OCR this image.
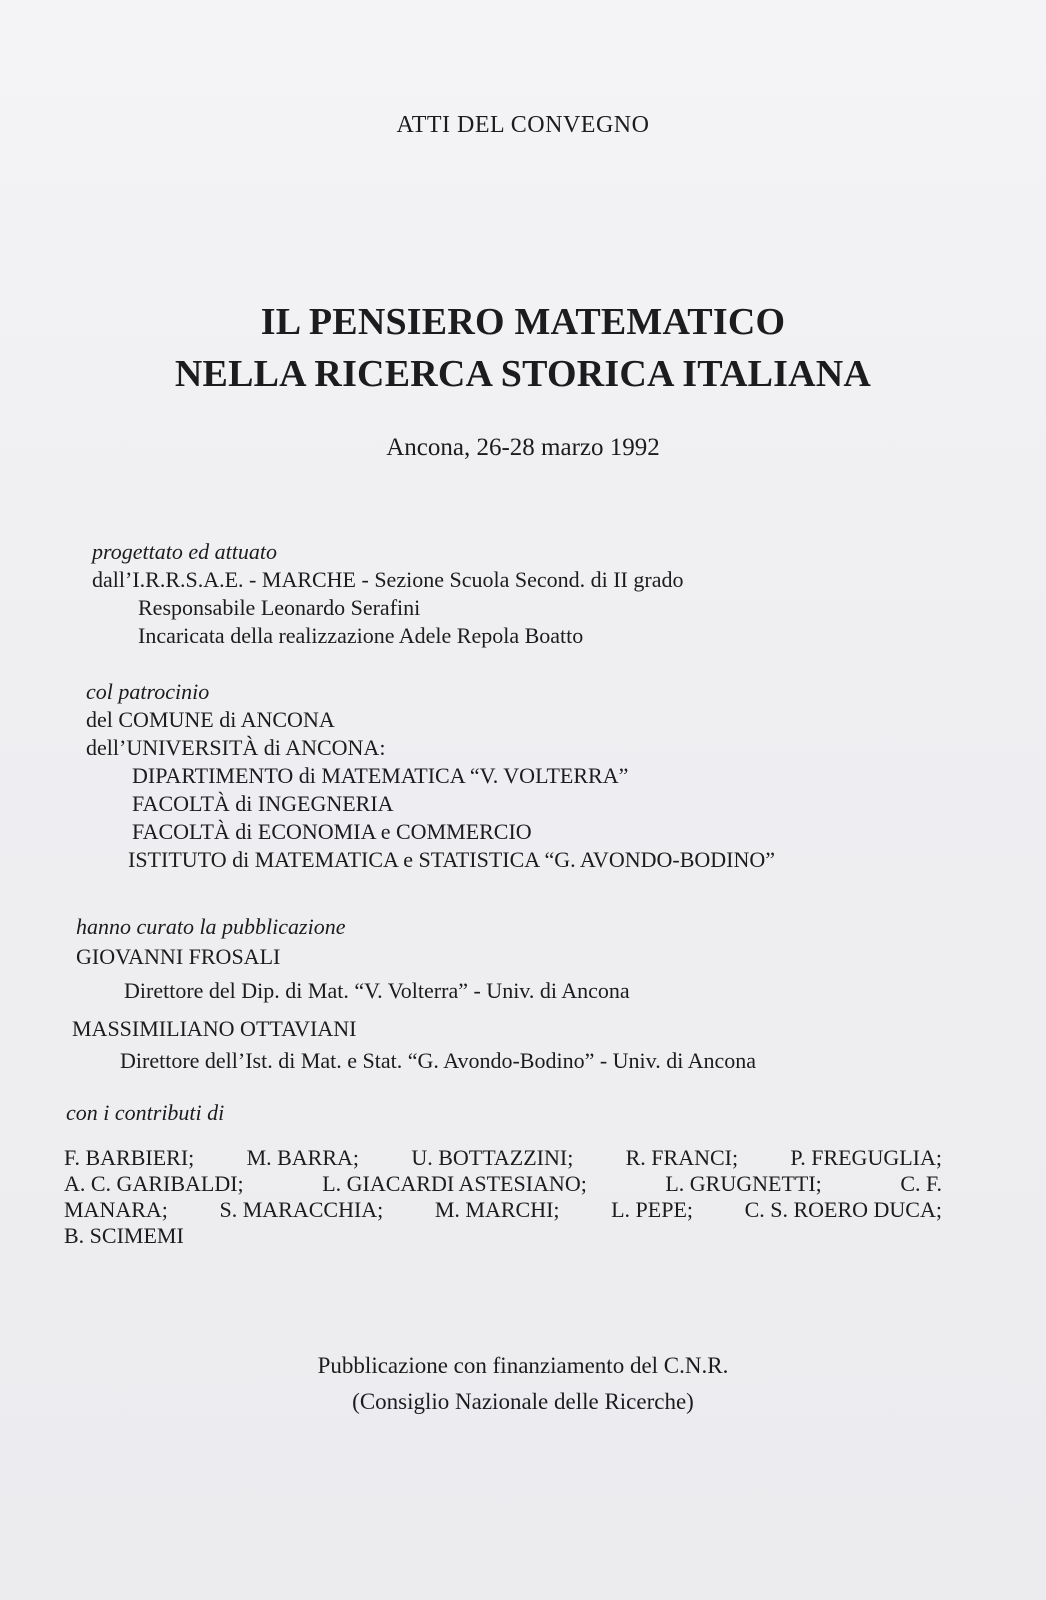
ATTI DEL CONVEGNO
IL PENSIERO MATEMATICO
NELLA RICERCA STORICA ITALIANA
Ancona, 26-28 marzo 1992
progettato ed attuato
dall’I.R.R.S.A.E. - MARCHE - Sezione Scuola Second. di II grado
Responsabile Leonardo Serafini
Incaricata della realizzazione Adele Repola Boatto
col patrocinio
del COMUNE di ANCONA
dell’UNIVERSITÀ di ANCONA:
DIPARTIMENTO di MATEMATICA “V. VOLTERRA”
FACOLTÀ di INGEGNERIA
FACOLTÀ di ECONOMIA e COMMERCIO
ISTITUTO di MATEMATICA e STATISTICA “G. AVONDO-BODINO”
hanno curato la pubblicazione
GIOVANNI FROSALI
Direttore del Dip. di Mat. “V. Volterra” - Univ. di Ancona
MASSIMILIANO OTTAVIANI
Direttore dell’Ist. di Mat. e Stat. “G. Avondo-Bodino” - Univ. di Ancona
con i contributi di
F. BARBIERI; M. BARRA; U. BOTTAZZINI; R. FRANCI; P. FREGUGLIA;
A. C. GARIBALDI;	L. GIACARDI ASTESIANO;	L. GRUGNETTI;	C. F.
MANARA; S. MARACCHIA; M. MARCHI; L. PEPE; C. S. ROERO DUCA;
B. SCIMEMI
Pubblicazione con finanziamento del C.N.R.
(Consiglio Nazionale delle Ricerche)
